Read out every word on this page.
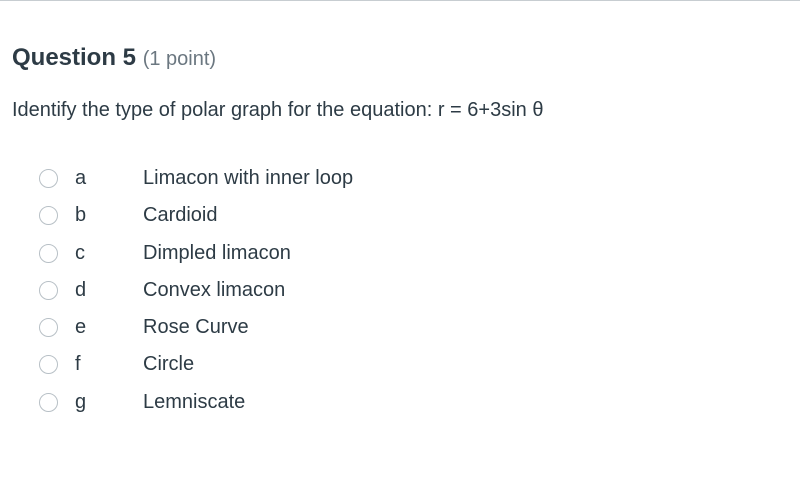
Question 5 (1 point)
Identify the type of polar graph for the equation: r = 6+3sin θ
a	Limacon with inner loop
b	Cardioid
c	Dimpled limacon
d	Convex limacon
e	Rose Curve
f	Circle
g	Lemniscate
